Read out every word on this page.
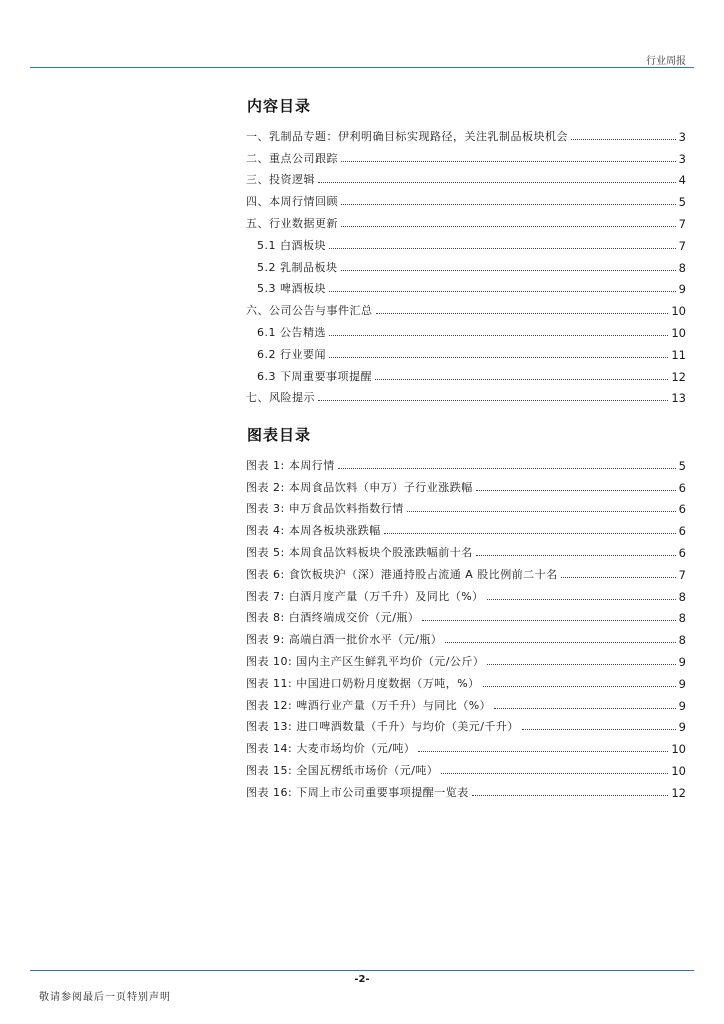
行业周报
内容目录
一、乳制品专题：伊利明确目标实现路径，关注乳制品板块机会	3
二、重点公司跟踪	3
三、投资逻辑	4
四、本周行情回顾	5
五、行业数据更新	7
5.1 白酒板块	7
5.2 乳制品板块	8
5.3 啤酒板块	9
六、公司公告与事件汇总	10
6.1 公告精选	10
6.2 行业要闻	11
6.3 下周重要事项提醒	12
七、风险提示	13
图表目录
图表 1: 本周行情	5
图表 2: 本周食品饮料（申万）子行业涨跌幅	6
图表 3: 申万食品饮料指数行情	6
图表 4: 本周各板块涨跌幅	6
图表 5: 本周食品饮料板块个股涨跌幅前十名	6
图表 6: 食饮板块沪（深）港通持股占流通 A 股比例前二十名	7
图表 7: 白酒月度产量（万千升）及同比（%）	8
图表 8: 白酒终端成交价（元/瓶）	8
图表 9: 高端白酒一批价水平（元/瓶）	8
图表 10: 国内主产区生鲜乳平均价（元/公斤）	9
图表 11: 中国进口奶粉月度数据（万吨，%）	9
图表 12: 啤酒行业产量（万千升）与同比（%）	9
图表 13: 进口啤酒数量（千升）与均价（美元/千升）	9
图表 14: 大麦市场均价（元/吨）	10
图表 15: 全国瓦楞纸市场价（元/吨）	10
图表 16: 下周上市公司重要事项提醒一览表	12
-2-
敬请参阅最后一页特别声明
